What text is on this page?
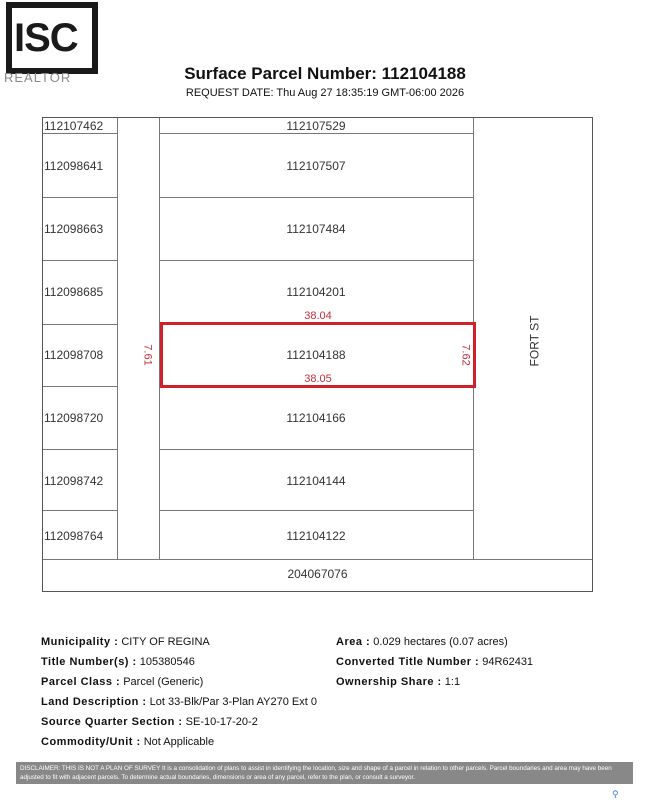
ISC
REALTOR	Surface Parcel Number: 112104188
REQUEST DATE: Thu Aug 27 18:35:19 GMT-06:00 2026
112107462
112098641
112098663
112098685
112098708
112098720
112098742
112098764
112107529
112107507
112107484
112104201
112104188
112104166
112104144
112104122
204067076
38.04
38.05
7.61	7.62	FORT ST
Municipality : CITY OF REGINA
Title Number(s) : 105380546
Parcel Class : Parcel (Generic)
Land Description : Lot 33-Blk/Par 3-Plan AY270 Ext 0
Source Quarter Section : SE-10-17-20-2
Commodity/Unit : Not Applicable
Area : 0.029 hectares (0.07 acres)
Converted Title Number : 94R62431
Ownership Share : 1:1
DISCLAIMER: THIS IS NOT A PLAN OF SURVEY It is a consolidation of plans to assist in identifying the location, size and shape of a parcel in relation to other parcels. Parcel boundaries and area may have been adjusted to fit with adjacent parcels. To determine actual boundaries, dimensions or area of any parcel, refer to the plan, or consult a surveyor.
⚲
